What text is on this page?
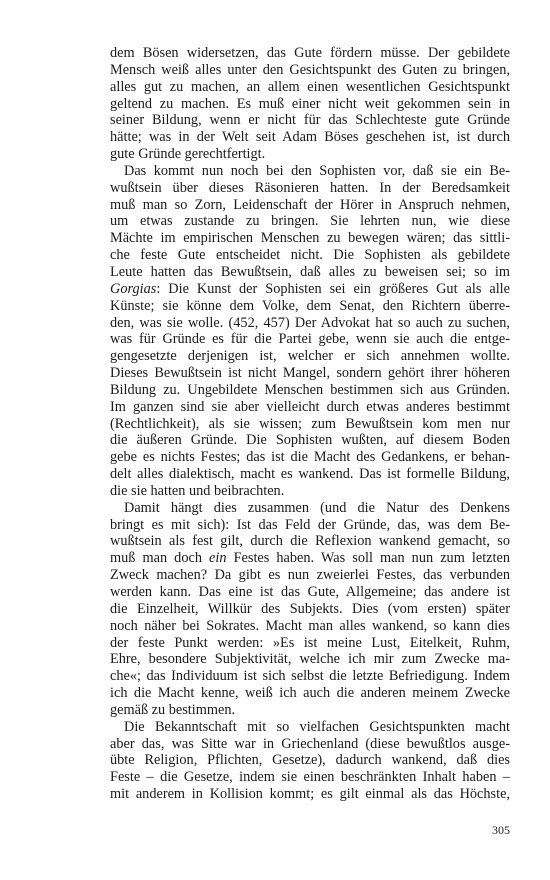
dem Bösen widersetzen, das Gute fördern müsse. Der gebildete
Mensch weiß alles unter den Gesichtspunkt des Guten zu bringen,
alles gut zu machen, an allem einen wesentlichen Gesichtspunkt
geltend zu machen. Es muß einer nicht weit gekommen sein in
seiner Bildung, wenn er nicht für das Schlechteste gute Gründe
hätte; was in der Welt seit Adam Böses geschehen ist, ist durch
gute Gründe gerechtfertigt.
Das kommt nun noch bei den Sophisten vor, daß sie ein Be-
wußtsein über dieses Räsonieren hatten. In der Beredsamkeit
muß man so Zorn, Leidenschaft der Hörer in Anspruch nehmen,
um etwas zustande zu bringen. Sie lehrten nun, wie diese
Mächte im empirischen Menschen zu bewegen wären; das sittli-
che feste Gute entscheidet nicht. Die Sophisten als gebildete
Leute hatten das Bewußtsein, daß alles zu beweisen sei; so im
Gorgias: Die Kunst der Sophisten sei ein größeres Gut als alle
Künste; sie könne dem Volke, dem Senat, den Richtern überre-
den, was sie wolle. (452, 457) Der Advokat hat so auch zu suchen,
was für Gründe es für die Partei gebe, wenn sie auch die entge-
gengesetzte derjenigen ist, welcher er sich annehmen wollte.
Dieses Bewußtsein ist nicht Mangel, sondern gehört ihrer höheren
Bildung zu. Ungebildete Menschen bestimmen sich aus Gründen.
Im ganzen sind sie aber vielleicht durch etwas anderes bestimmt
(Rechtlichkeit), als sie wissen; zum Bewußtsein kom men nur
die äußeren Gründe. Die Sophisten wußten, auf diesem Boden
gebe es nichts Festes; das ist die Macht des Gedankens, er behan-
delt alles dialektisch, macht es wankend. Das ist formelle Bildung,
die sie hatten und beibrachten.
Damit hängt dies zusammen (und die Natur des Denkens
bringt es mit sich): Ist das Feld der Gründe, das, was dem Be-
wußtsein als fest gilt, durch die Reflexion wankend gemacht, so
muß man doch ein Festes haben. Was soll man nun zum letzten
Zweck machen? Da gibt es nun zweierlei Festes, das verbunden
werden kann. Das eine ist das Gute, Allgemeine; das andere ist
die Einzelheit, Willkür des Subjekts. Dies (vom ersten) später
noch näher bei Sokrates. Macht man alles wankend, so kann dies
der feste Punkt werden: »Es ist meine Lust, Eitelkeit, Ruhm,
Ehre, besondere Subjektivität, welche ich mir zum Zwecke ma-
che«; das Individuum ist sich selbst die letzte Befriedigung. Indem
ich die Macht kenne, weiß ich auch die anderen meinem Zwecke
gemäß zu bestimmen.
Die Bekanntschaft mit so vielfachen Gesichtspunkten macht
aber das, was Sitte war in Griechenland (diese bewußtlos ausge-
übte Religion, Pflichten, Gesetze), dadurch wankend, daß dies
Feste – die Gesetze, indem sie einen beschränkten Inhalt haben –
mit anderem in Kollision kommt; es gilt einmal als das Höchste,
305
